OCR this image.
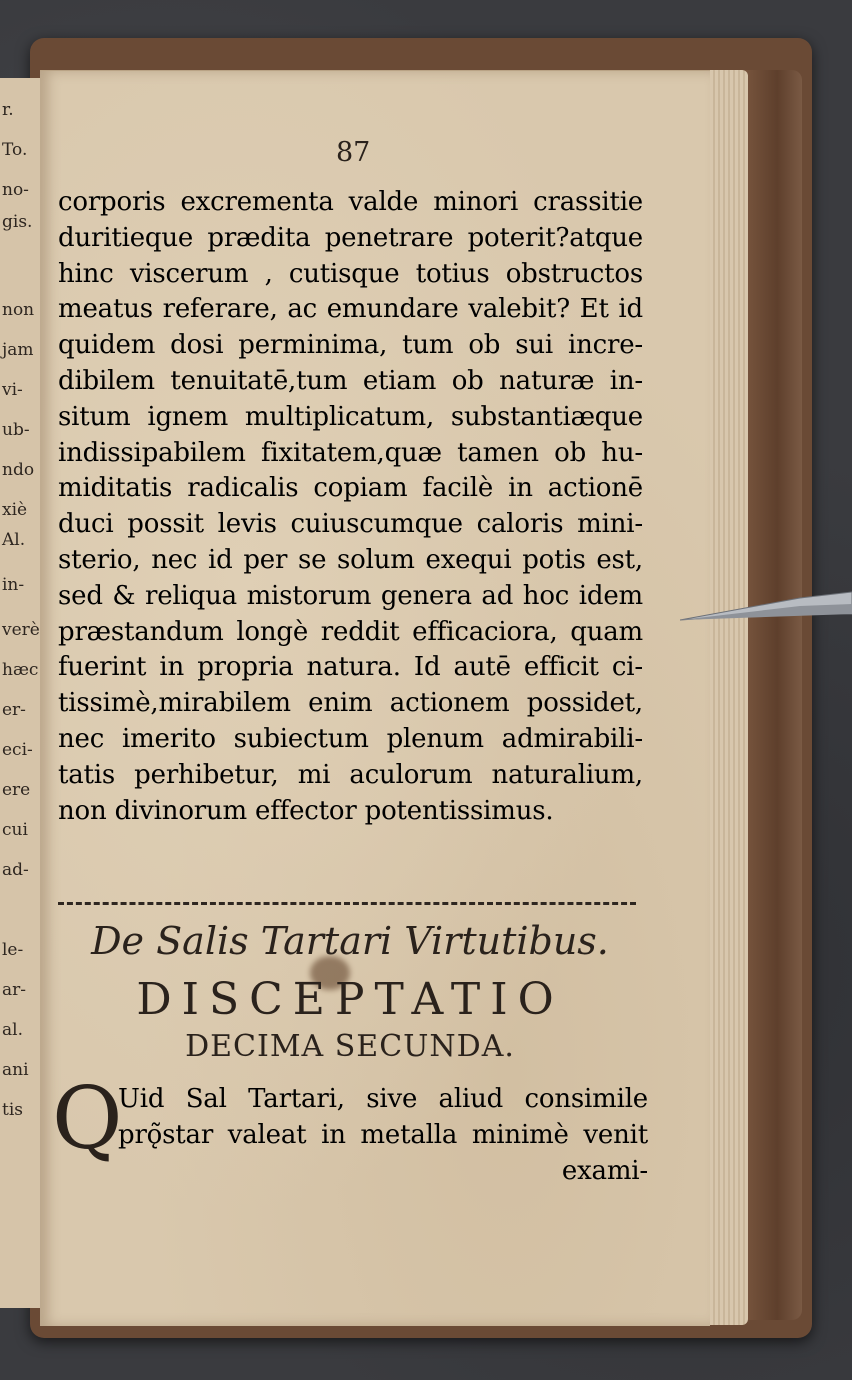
r.
To.
no-
gis.
non
jam
vi-
ub-
ndo
xiè
Al.
in-
verè
hæc
er-
eci-
ere
cui
ad-
le-
ar-
al.
ani
tis
87
corporis excrementa valde minori crassitie
duritieque prædita penetrare poterit?atque
hinc viscerum , cutisque totius obstructos
meatus referare, ac emundare valebit? Et id
quidem dosi perminima, tum ob sui incre-
dibilem tenuitatē,tum etiam ob naturæ in-
situm ignem multiplicatum, substantiæque
indissipabilem fixitatem,quæ tamen ob hu-
miditatis radicalis copiam facilè in actionē
duci possit levis cuiuscumque caloris mini-
sterio, nec id per se solum exequi potis est,
sed & reliqua mistorum genera ad hoc idem
præstandum longè reddit efficaciora, quam
fuerint in propria natura. Id autē efficit ci-
tissimè,mirabilem enim actionem possidet,
nec imerito subiectum plenum admirabili-
tatis perhibetur, mi aculorum naturalium,
non divinorum effector potentissimus.
De Salis Tartari Virtutibus.
DISCEPTATIO
DECIMA SECUNDA.
Q
Uid Sal Tartari, sive aliud consimile
prǫ̃star valeat in metalla minimè venit
exami-
